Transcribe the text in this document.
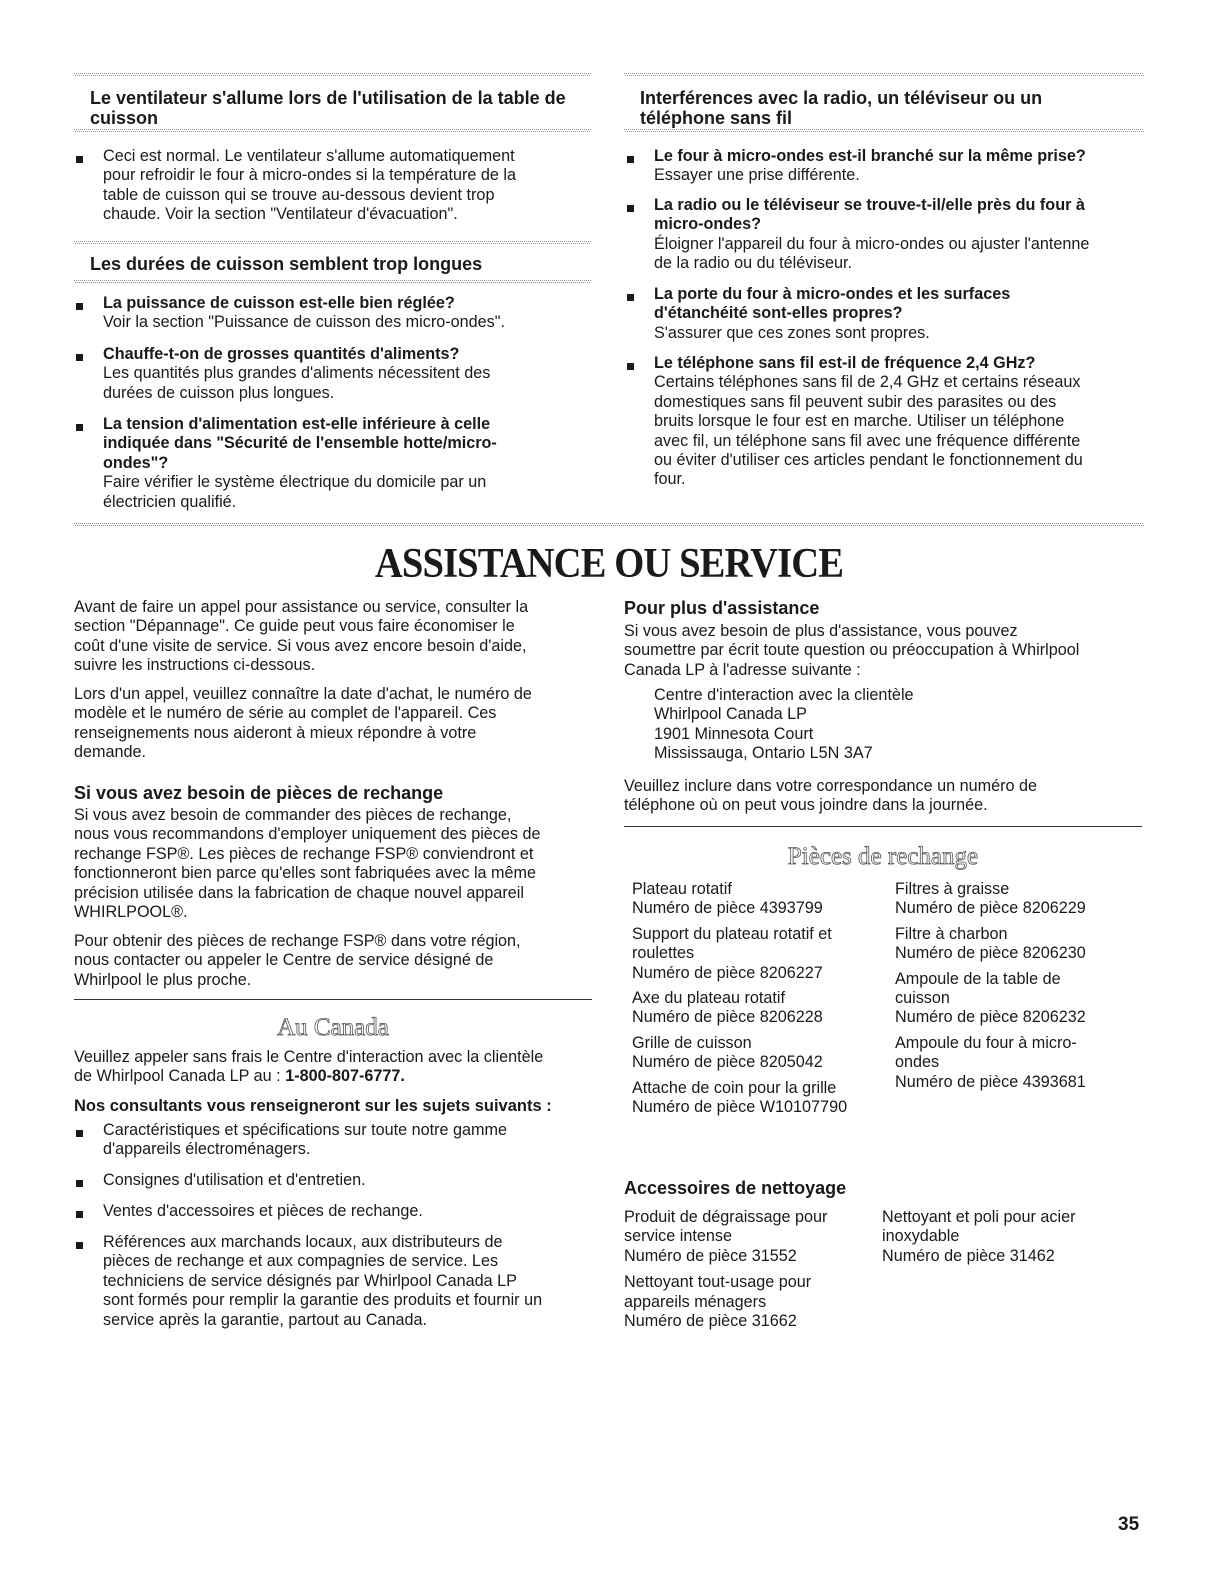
Le ventilateur s'allume lors de l'utilisation de la table de
cuisson
Ceci est normal. Le ventilateur s'allume automatiquement
pour refroidir le four à micro-ondes si la température de la
table de cuisson qui se trouve au-dessous devient trop
chaude. Voir la section "Ventilateur d'évacuation".
Les durées de cuisson semblent trop longues
La puissance de cuisson est-elle bien réglée?
Voir la section "Puissance de cuisson des micro-ondes".
Chauffe-t-on de grosses quantités d'aliments?
Les quantités plus grandes d'aliments nécessitent des
durées de cuisson plus longues.
La tension d'alimentation est-elle inférieure à celle
indiquée dans "Sécurité de l'ensemble hotte/micro-
ondes"?
Faire vérifier le système électrique du domicile par un
électricien qualifié.
Interférences avec la radio, un téléviseur ou un
téléphone sans fil
Le four à micro-ondes est-il branché sur la même prise?
Essayer une prise différente.
La radio ou le téléviseur se trouve-t-il/elle près du four à
micro-ondes?
Éloigner l'appareil du four à micro-ondes ou ajuster l'antenne
de la radio ou du téléviseur.
La porte du four à micro-ondes et les surfaces
d'étanchéité sont-elles propres?
S'assurer que ces zones sont propres.
Le téléphone sans fil est-il de fréquence 2,4 GHz?
Certains téléphones sans fil de 2,4 GHz et certains réseaux
domestiques sans fil peuvent subir des parasites ou des
bruits lorsque le four est en marche. Utiliser un téléphone
avec fil, un téléphone sans fil avec une fréquence différente
ou éviter d'utiliser ces articles pendant le fonctionnement du
four.
ASSISTANCE OU SERVICE
Avant de faire un appel pour assistance ou service, consulter la
section "Dépannage". Ce guide peut vous faire économiser le
coût d'une visite de service. Si vous avez encore besoin d'aide,
suivre les instructions ci-dessous.
Lors d'un appel, veuillez connaître la date d'achat, le numéro de
modèle et le numéro de série au complet de l'appareil. Ces
renseignements nous aideront à mieux répondre à votre
demande.
Si vous avez besoin de pièces de rechange
Si vous avez besoin de commander des pièces de rechange,
nous vous recommandons d'employer uniquement des pièces de
rechange FSP®. Les pièces de rechange FSP® conviendront et
fonctionneront bien parce qu'elles sont fabriquées avec la même
précision utilisée dans la fabrication de chaque nouvel appareil
WHIRLPOOL®.
Pour obtenir des pièces de rechange FSP® dans votre région,
nous contacter ou appeler le Centre de service désigné de
Whirlpool le plus proche.
Au Canada
Veuillez appeler sans frais le Centre d'interaction avec la clientèle
de Whirlpool Canada LP au : 1-800-807-6777.
Nos consultants vous renseigneront sur les sujets suivants :
Caractéristiques et spécifications sur toute notre gamme
d'appareils électroménagers.
Consignes d'utilisation et d'entretien.
Ventes d'accessoires et pièces de rechange.
Références aux marchands locaux, aux distributeurs de
pièces de rechange et aux compagnies de service. Les
techniciens de service désignés par Whirlpool Canada LP
sont formés pour remplir la garantie des produits et fournir un
service après la garantie, partout au Canada.
Pour plus d'assistance
Si vous avez besoin de plus d'assistance, vous pouvez
soumettre par écrit toute question ou préoccupation à Whirlpool
Canada LP à l'adresse suivante :
Centre d'interaction avec la clientèle
Whirlpool Canada LP
1901 Minnesota Court
Mississauga, Ontario L5N 3A7
Veuillez inclure dans votre correspondance un numéro de
téléphone où on peut vous joindre dans la journée.
Pièces de rechange
Plateau rotatif
Numéro de pièce 4393799
Support du plateau rotatif et
roulettes
Numéro de pièce 8206227
Axe du plateau rotatif
Numéro de pièce 8206228
Grille de cuisson
Numéro de pièce 8205042
Attache de coin pour la grille
Numéro de pièce W10107790
Filtres à graisse
Numéro de pièce 8206229
Filtre à charbon
Numéro de pièce 8206230
Ampoule de la table de
cuisson
Numéro de pièce 8206232
Ampoule du four à micro-
ondes
Numéro de pièce 4393681
Accessoires de nettoyage
Produit de dégraissage pour
service intense
Numéro de pièce 31552
Nettoyant tout-usage pour
appareils ménagers
Numéro de pièce 31662
Nettoyant et poli pour acier
inoxydable
Numéro de pièce 31462
35
